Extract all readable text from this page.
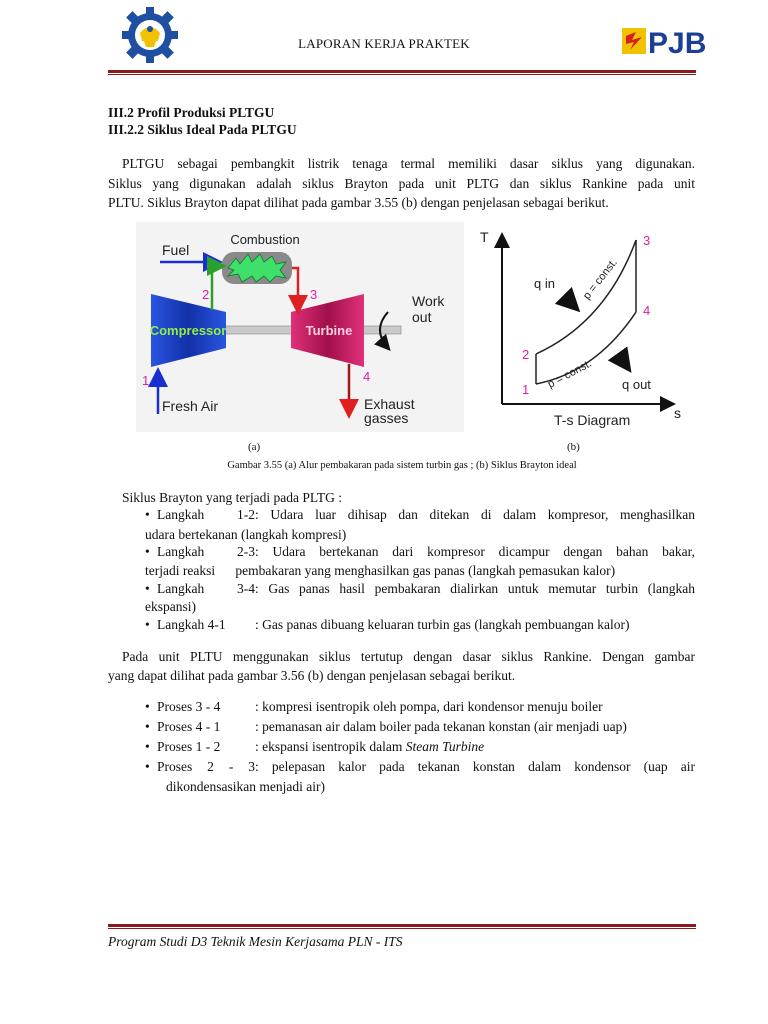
LAPORAN KERJA PRAKTEK	PJB
III.2 Profil Produksi PLTGU
III.2.2 Siklus Ideal Pada PLTGU
PLTGU sebagai pembangkit listrik tenaga termal memiliki dasar siklus yang digunakan.
Siklus yang digunakan adalah siklus Brayton pada unit PLTG dan siklus Rankine pada unit
PLTU. Siklus Brayton dapat dilihat pada gambar 3.55 (b) dengan penjelasan sebagai berikut.
Compressor	Turbine
Combustion
Fuel
2	3
1
Fresh Air
4
Exhaust
gasses
Work
out
T
s
1
2
3
4
q in p = const.
p = const. q out
T-s Diagram
(a)	(b)
Gambar 3.55 (a) Alur pembakaran pada sistem turbin gas ; (b) Siklus Brayton ideal
Siklus Brayton yang terjadi pada PLTG :
• Langkah 1-2: Udara luar dihisap dan ditekan di dalam kompresor, menghasilkan
udara bertekanan (langkah kompresi)
• Langkah 2-3: Udara bertekanan dari kompresor dicampur dengan bahan bakar,
terjadi reaksi      pembakaran yang menghasilkan gas panas (langkah pemasukan kalor)
• Langkah 3-4: Gas panas hasil pembakaran dialirkan untuk memutar turbin (langkah
ekspansi)
• Langkah 4-1 : Gas panas dibuang keluaran turbin gas (langkah pembuangan kalor)
Pada unit PLTU menggunakan siklus tertutup dengan dasar siklus Rankine. Dengan gambar
yang dapat dilihat pada gambar 3.56 (b) dengan penjelasan sebagai berikut.
• Proses 3 - 4	: kompresi isentropik oleh pompa, dari kondensor menuju boiler
• Proses 4 - 1	: pemanasan air dalam boiler pada tekanan konstan (air menjadi uap)
• Proses 1 - 2	: ekspansi isentropik dalam Steam Turbine
• Proses 2 - 3: pelepasan kalor pada tekanan konstan dalam kondensor (uap air
dikondensasikan menjadi air)
Program Studi D3 Teknik Mesin Kerjasama PLN - ITS
